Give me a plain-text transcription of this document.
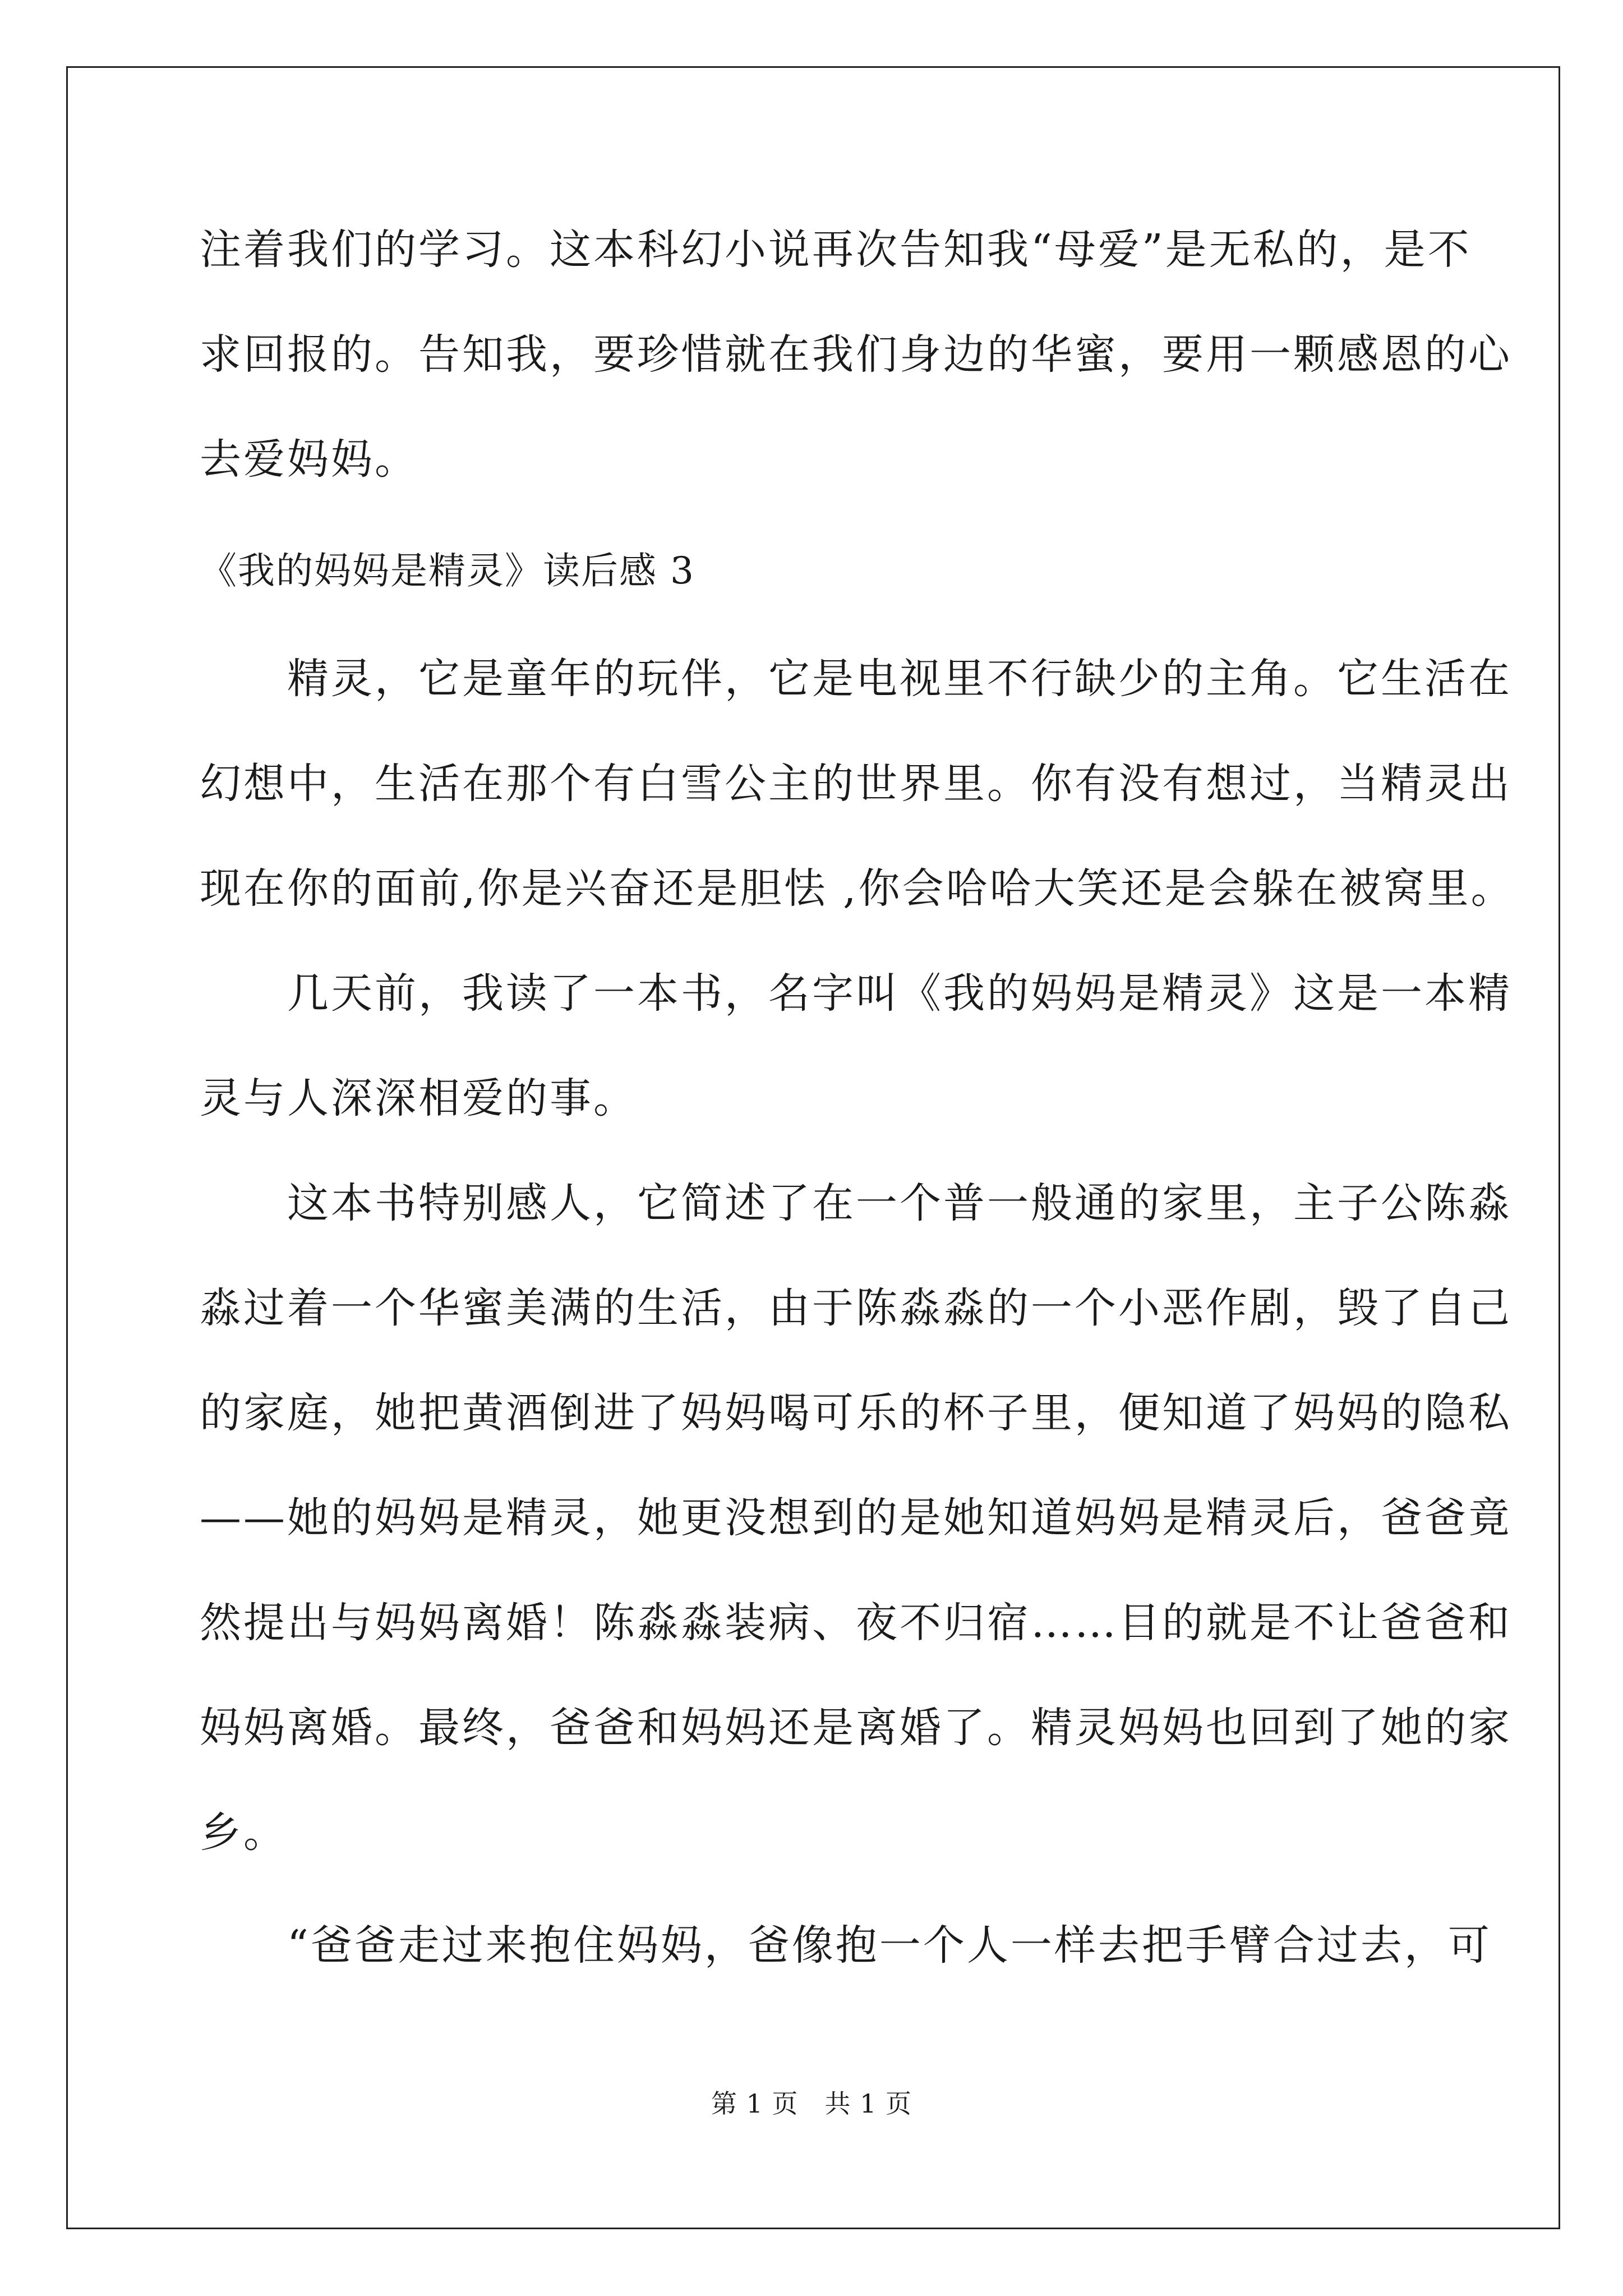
注着我们的学习。这本科幻小说再次告知我“母爱”是无私的，是不
求回报的。告知我，要珍惜就在我们身边的华蜜，要用一颗感恩的心
去爱妈妈。
《我的妈妈是精灵》读后感 3
　　精灵，它是童年的玩伴，它是电视里不行缺少的主角。它生活在
幻想中，生活在那个有白雪公主的世界里。你有没有想过，当精灵出
现在你的面前,你是兴奋还是胆怯 ,你会哈哈大笑还是会躲在被窝里。
　　几天前，我读了一本书，名字叫《我的妈妈是精灵》这是一本精
灵与人深深相爱的事。
　　这本书特别感人，它简述了在一个普一般通的家里，主子公陈淼
淼过着一个华蜜美满的生活，由于陈淼淼的一个小恶作剧，毁了自己
的家庭，她把黄酒倒进了妈妈喝可乐的杯子里，便知道了妈妈的隐私
——她的妈妈是精灵，她更没想到的是她知道妈妈是精灵后，爸爸竟
然提出与妈妈离婚！陈淼淼装病、夜不归宿……目的就是不让爸爸和
妈妈离婚。最终，爸爸和妈妈还是离婚了。精灵妈妈也回到了她的家
乡。
　　“爸爸走过来抱住妈妈，爸像抱一个人一样去把手臂合过去，可
第 1 页　共 1 页
